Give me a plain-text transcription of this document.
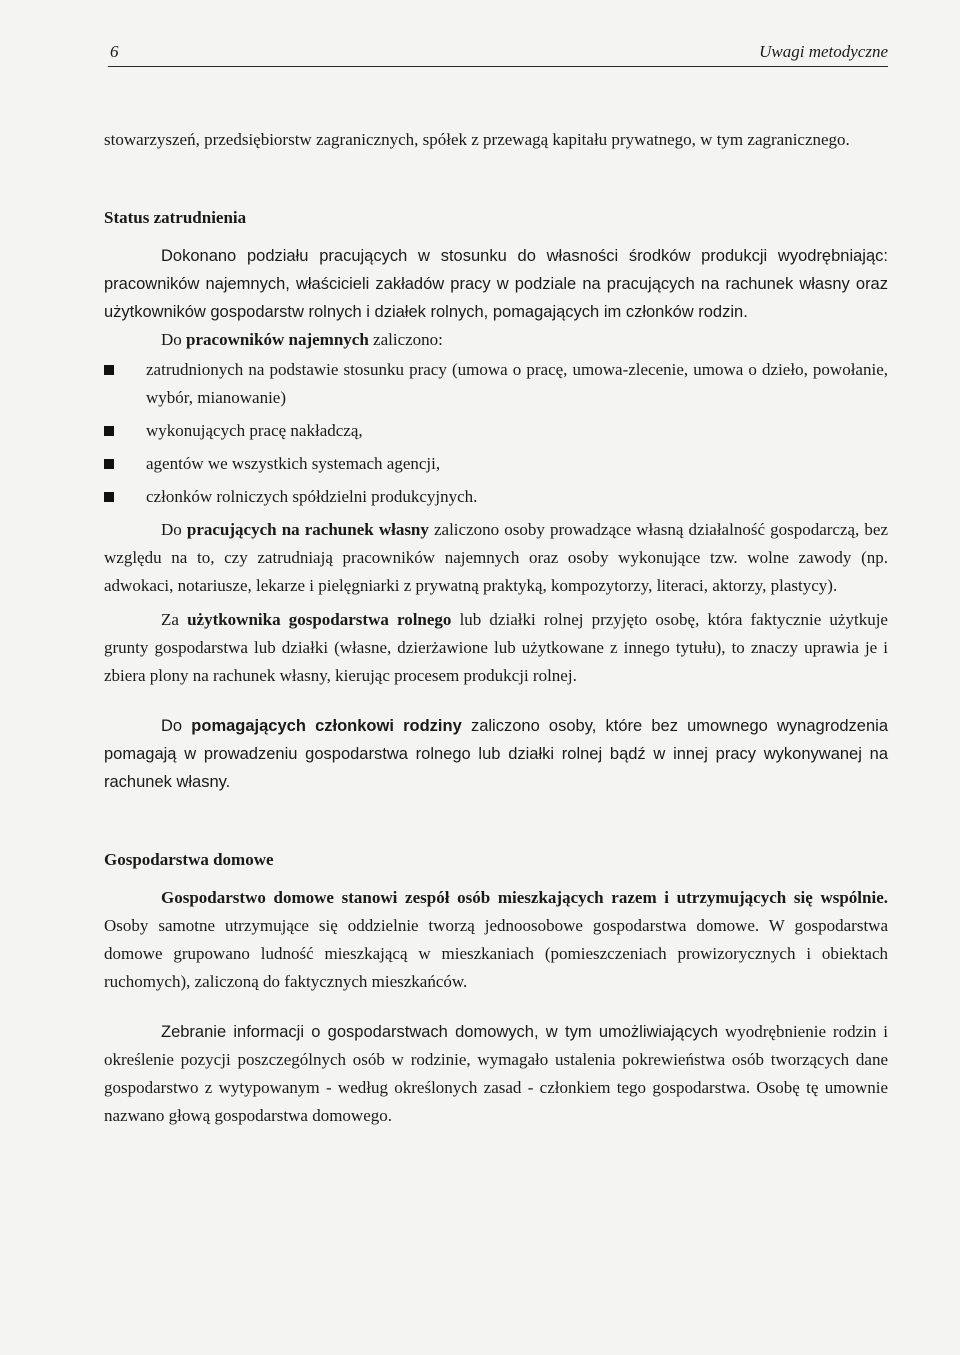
6	Uwagi metodyczne

stowarzyszeń, przedsiębiorstw zagranicznych, spółek z przewagą kapitału prywatnego, w tym zagranicznego.

Status zatrudnienia

Dokonano podziału pracujących w stosunku do własności środków produkcji wyodrębniając: pracowników najemnych, właścicieli zakładów pracy w podziale na pracujących na rachunek własny oraz użytkowników gospodarstw rolnych i działek rolnych, pomagających im członków rodzin.

Do pracowników najemnych zaliczono:

zatrudnionych na podstawie stosunku pracy (umowa o pracę, umowa-zlecenie, umowa o dzieło, powołanie, wybór, mianowanie)
wykonujących pracę nakładczą,
agentów we wszystkich systemach agencji,
członków rolniczych spółdzielni produkcyjnych.

Do pracujących na rachunek własny zaliczono osoby prowadzące własną działalność gospodarczą, bez względu na to, czy zatrudniają pracowników najemnych oraz osoby wykonujące tzw. wolne zawody (np. adwokaci, notariusze, lekarze i pielęgniarki z prywatną praktyką, kompozytorzy, literaci, aktorzy, plastycy).

Za użytkownika gospodarstwa rolnego lub działki rolnej przyjęto osobę, która faktycznie użytkuje grunty gospodarstwa lub działki (własne, dzierżawione lub użytkowane z innego tytułu), to znaczy uprawia je i zbiera plony na rachunek własny, kierując procesem produkcji rolnej.

Do pomagających członkowi rodziny zaliczono osoby, które bez umownego wynagrodzenia pomagają w prowadzeniu gospodarstwa rolnego lub działki rolnej bądź w innej pracy wykonywanej na rachunek własny.

Gospodarstwa domowe

Gospodarstwo domowe stanowi zespół osób mieszkających razem i utrzymujących się wspólnie. Osoby samotne utrzymujące się oddzielnie tworzą jednoosobowe gospodarstwa domowe. W gospodarstwa domowe grupowano ludność mieszkającą w mieszkaniach (pomieszczeniach prowizorycznych i obiektach ruchomych), zaliczoną do faktycznych mieszkańców.

Zebranie informacji o gospodarstwach domowych, w tym umożliwiających wyodrębnienie rodzin i określenie pozycji poszczególnych osób w rodzinie, wymagało ustalenia pokrewieństwa osób tworzących dane gospodarstwo z wytypowanym - według określonych zasad - członkiem tego gospodarstwa. Osobę tę umownie nazwano głową gospodarstwa domowego.
